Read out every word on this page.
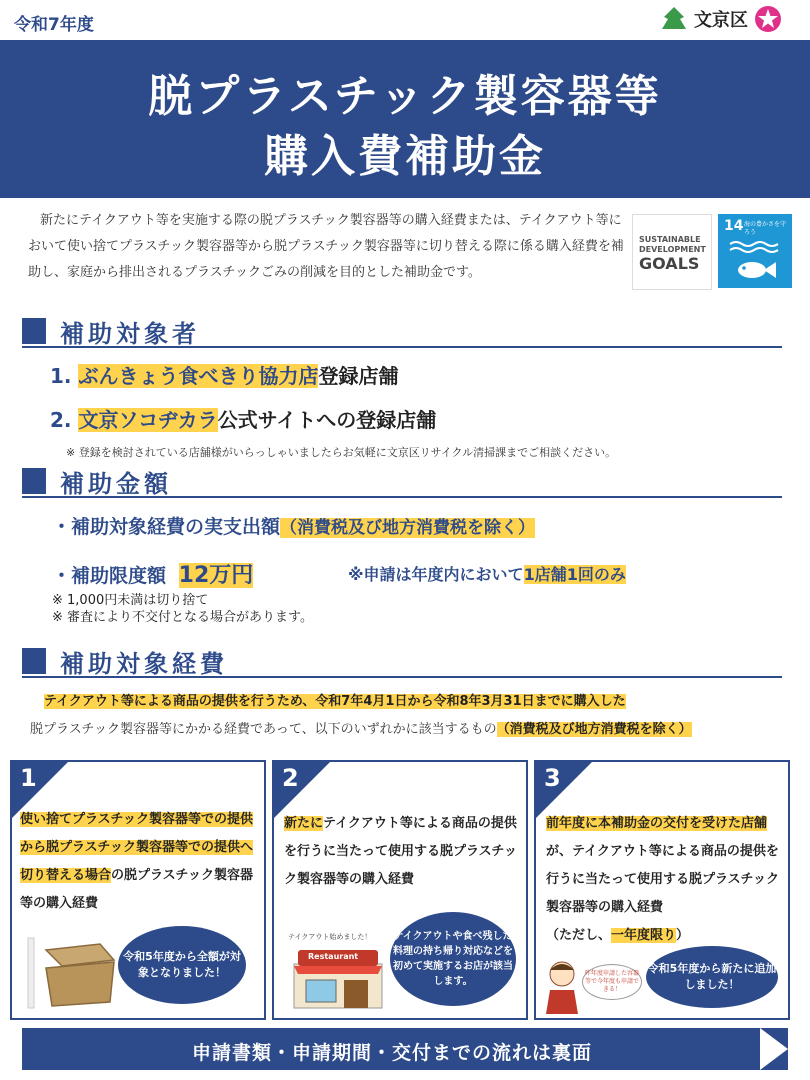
令和7年度	文京区
脱プラスチック製容器等
購入費補助金
新たにテイクアウト等を実施する際の脱プラスチック製容器等の購入経費または、テイクアウト等において使い捨てプラスチック製容器等から脱プラスチック製容器等に切り替える際に係る購入経費を補助し、家庭から排出されるプラスチックごみの削減を目的とした補助金です。
SUSTAINABLE
DEVELOPMENT
GOALS
14 海の豊かさを守ろう
補助対象者
1. ぶんきょう食べきり協力店登録店舗
2. 文京ソコヂカラ公式サイトへの登録店舗
※ 登録を検討されている店舗様がいらっしゃいましたらお気軽に文京区リサイクル清掃課までご相談ください。
補助金額
・補助対象経費の実支出額（消費税及び地方消費税を除く）
・補助限度額 12万円	※申請は年度内において1店舗1回のみ
※ 1,000円未満は切り捨て
※ 審査により不交付となる場合があります。
補助対象経費
テイクアウト等による商品の提供を行うため、令和7年4月1日から令和8年3月31日までに購入した
脱プラスチック製容器等にかかる経費であって、以下のいずれかに該当するもの（消費税及び地方消費税を除く）
1
使い捨てプラスチック製容器等での提供から脱プラスチック製容器等での提供へ切り替える場合の脱プラスチック製容器等の購入経費
令和5年度から全額が対象となりました！
2
新たにテイクアウト等による商品の提供を行うに当たって使用する脱プラスチック製容器等の購入経費
テイクアウト始めました！
Restaurant
テイクアウトや食べ残した料理の持ち帰り対応などを初めて実施するお店が該当します。
3
前年度に本補助金の交付を受けた店舗が、テイクアウト等による商品の提供を行うに当たって使用する脱プラスチック製容器等の購入経費
（ただし、一年度限り）
昨年度申請した容器等で今年度も申請できる！
令和5年度から新たに追加しました！
申請書類・申請期間・交付までの流れは裏面
